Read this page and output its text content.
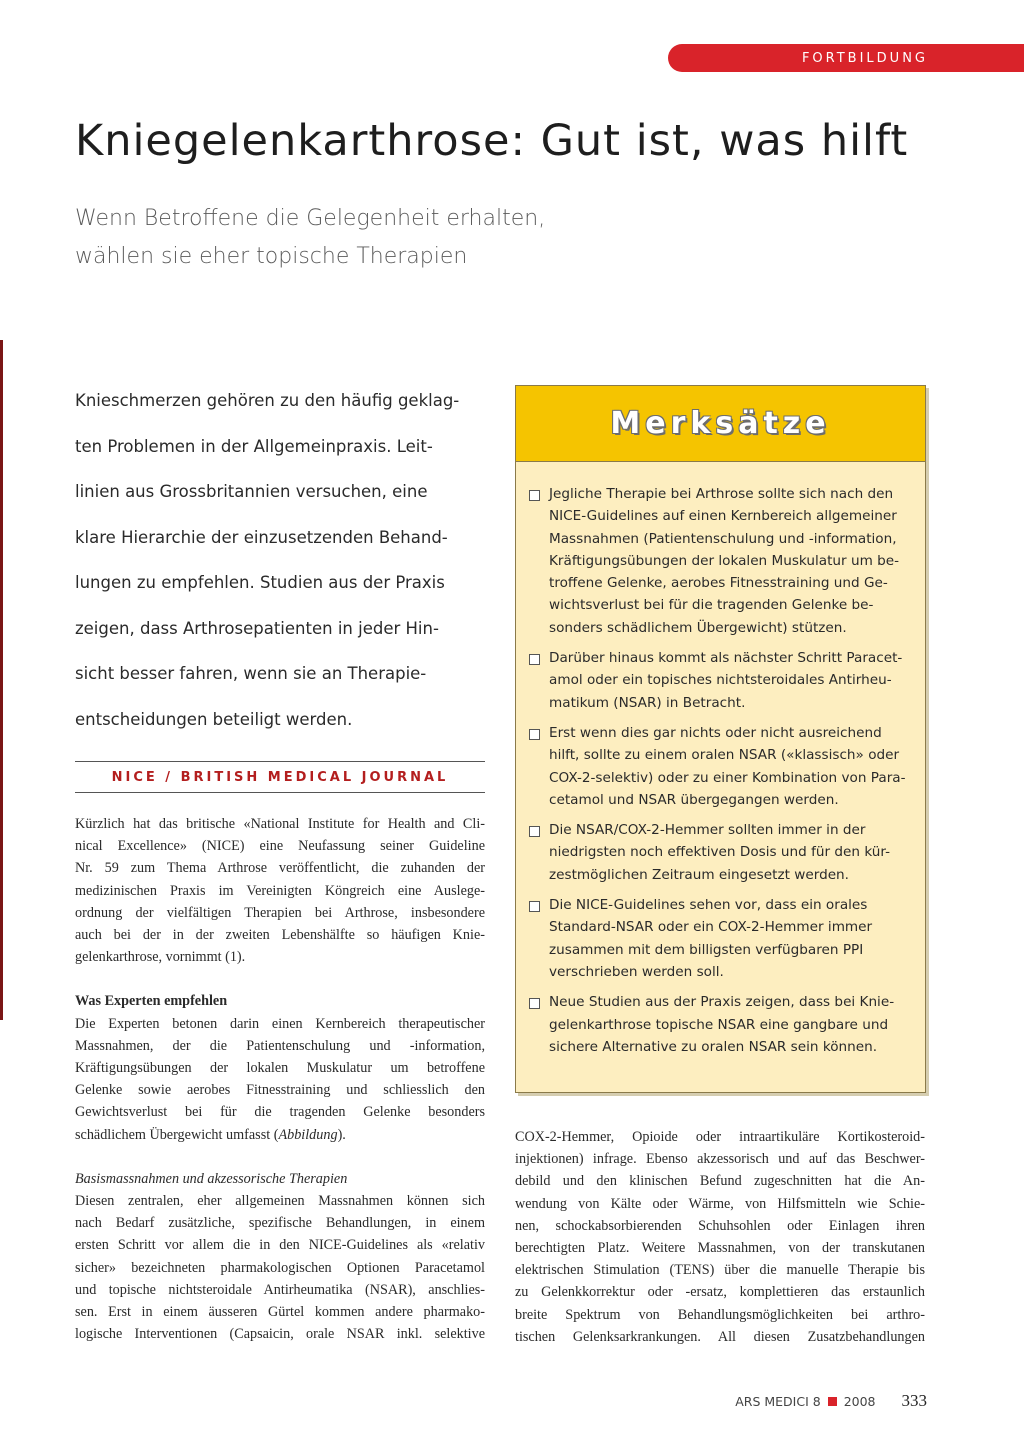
FORTBILDUNG
Kniegelenkarthrose: Gut ist, was hilft
Wenn Betroffene die Gelegenheit erhalten,
wählen sie eher topische Therapien
Knieschmerzen gehören zu den häufig geklag-
ten Problemen in der Allgemeinpraxis. Leit-
linien aus Grossbritannien versuchen, eine
klare Hierarchie der einzusetzenden Behand-
lungen zu empfehlen. Studien aus der Praxis
zeigen, dass Arthrosepatienten in jeder Hin-
sicht besser fahren, wenn sie an Therapie-
entscheidungen beteiligt werden.
NICE / BRITISH MEDICAL JOURNAL
Kürzlich hat das britische «National Institute for Health and Cli-
nical Excellence» (NICE) eine Neufassung seiner Guideline
Nr. 59 zum Thema Arthrose veröffentlicht, die zuhanden der
medizinischen Praxis im Vereinigten Köngreich eine Auslege-
ordnung der vielfältigen Therapien bei Arthrose, insbesondere
auch bei der in der zweiten Lebenshälfte so häufigen Knie-
gelenkarthrose, vornimmt (1).
Was Experten empfehlen
Die Experten betonen darin einen Kernbereich therapeutischer
Massnahmen, der die Patientenschulung und -information,
Kräftigungsübungen der lokalen Muskulatur um betroffene
Gelenke sowie aerobes Fitnesstraining und schliesslich den
Gewichtsverlust bei für die tragenden Gelenke besonders
schädlichem Übergewicht umfasst (Abbildung).
Basismassnahmen und akzessorische Therapien
Diesen zentralen, eher allgemeinen Massnahmen können sich
nach Bedarf zusätzliche, spezifische Behandlungen, in einem
ersten Schritt vor allem die in den NICE-Guidelines als «relativ
sicher» bezeichneten pharmakologischen Optionen Paracetamol
und topische nichtsteroidale Antirheumatika (NSAR), anschlies-
sen. Erst in einem äusseren Gürtel kommen andere pharmako-
logische Interventionen (Capsaicin, orale NSAR inkl. selektive
Merksätze
Jegliche Therapie bei Arthrose sollte sich nach den
NICE-Guidelines auf einen Kernbereich allgemeiner
Massnahmen (Patientenschulung und -information,
Kräftigungsübungen der lokalen Muskulatur um be-
troffene Gelenke, aerobes Fitnesstraining und Ge-
wichtsverlust bei für die tragenden Gelenke be-
sonders schädlichem Übergewicht) stützen.
Darüber hinaus kommt als nächster Schritt Paracet-
amol oder ein topisches nichtsteroidales Antirheu-
matikum (NSAR) in Betracht.
Erst wenn dies gar nichts oder nicht ausreichend
hilft, sollte zu einem oralen NSAR («klassisch» oder
COX-2-selektiv) oder zu einer Kombination von Para-
cetamol und NSAR übergegangen werden.
Die NSAR/COX-2-Hemmer sollten immer in der
niedrigsten noch effektiven Dosis und für den kür-
zestmöglichen Zeitraum eingesetzt werden.
Die NICE-Guidelines sehen vor, dass ein orales
Standard-NSAR oder ein COX-2-Hemmer immer
zusammen mit dem billigsten verfügbaren PPI
verschrieben werden soll.
Neue Studien aus der Praxis zeigen, dass bei Knie-
gelenkarthrose topische NSAR eine gangbare und
sichere Alternative zu oralen NSAR sein können.
COX-2-Hemmer, Opioide oder intraartikuläre Kortikosteroid-
injektionen) infrage. Ebenso akzessorisch und auf das Beschwer-
debild und den klinischen Befund zugeschnitten hat die An-
wendung von Kälte oder Wärme, von Hilfsmitteln wie Schie-
nen, schockabsorbierenden Schuhsohlen oder Einlagen ihren
berechtigten Platz. Weitere Massnahmen, von der transkutanen
elektrischen Stimulation (TENS) über die manuelle Therapie bis
zu Gelenkkorrektur oder -ersatz, komplettieren das erstaunlich
breite Spektrum von Behandlungsmöglichkeiten bei arthro-
tischen Gelenksarkrankungen. All diesen Zusatzbehandlungen
ARS MEDICI 8 2008 333
